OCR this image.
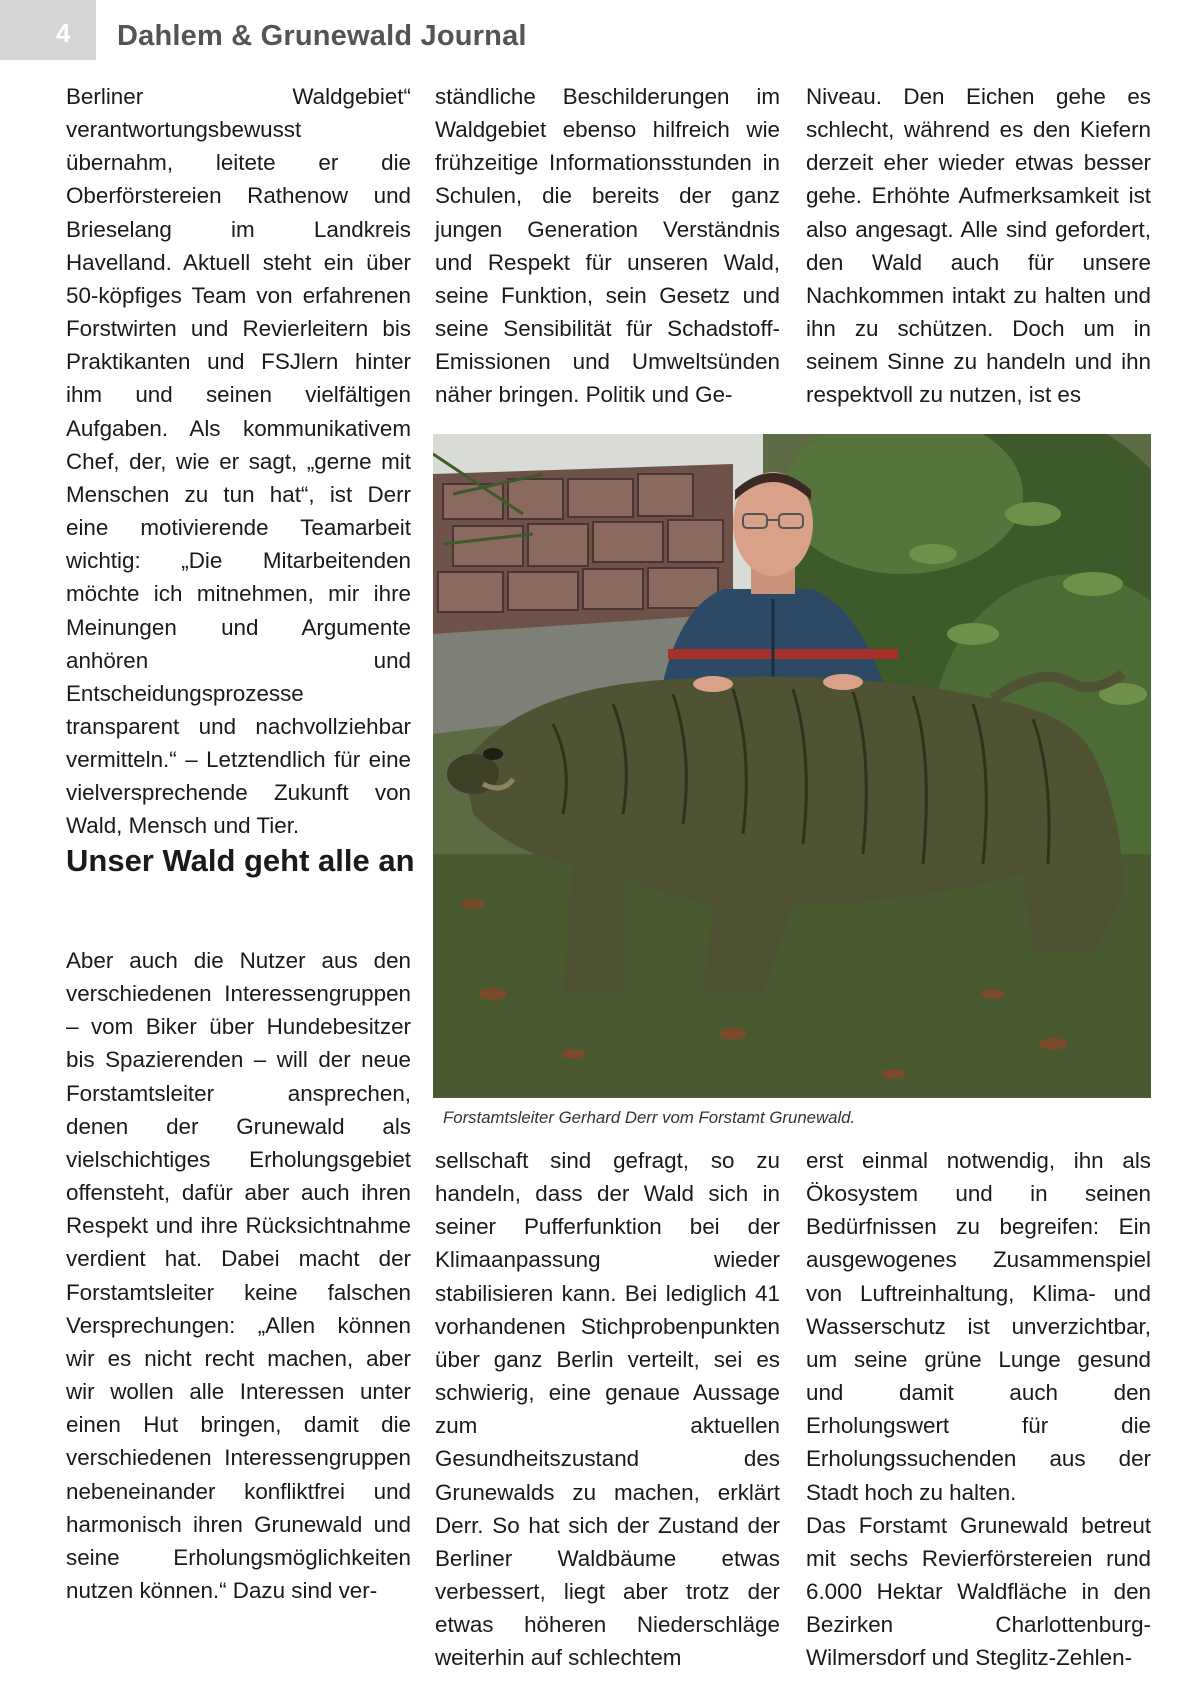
4 Dahlem & Grunewald Journal

Berliner Waldgebiet“ verantwortungsbewusst übernahm, leitete er die Oberförstereien Rathenow und Brieselang im Landkreis Havelland. Aktuell steht ein über 50-köpfiges Team von erfahrenen Forstwirten und Revierleitern bis Praktikanten und FSJlern hinter ihm und seinen vielfältigen Aufgaben. Als kommunikativem Chef, der, wie er sagt, „gerne mit Menschen zu tun hat“, ist Derr eine motivierende Teamarbeit wichtig: „Die Mitarbeitenden möchte ich mitnehmen, mir ihre Meinungen und Argumente anhören und Entscheidungsprozesse transparent und nachvollziehbar vermitteln.“ – Letztendlich für eine vielversprechende Zukunft von Wald, Mensch und Tier.

Unser Wald geht alle an

Aber auch die Nutzer aus den verschiedenen Interessengruppen – vom Biker über Hundebesitzer bis Spazierenden – will der neue Forstamtsleiter ansprechen, denen der Grunewald als vielschichtiges Erholungsgebiet offensteht, dafür aber auch ihren Respekt und ihre Rücksichtnahme verdient hat. Dabei macht der Forstamtsleiter keine falschen Versprechungen: „Allen können wir es nicht recht machen, aber wir wollen alle Interessen unter einen Hut bringen, damit die verschiedenen Interessengruppen nebeneinander konfliktfrei und harmonisch ihren Grunewald und seine Erholungsmöglichkeiten nutzen können.“ Dazu sind ver-

ständliche Beschilderungen im Waldgebiet ebenso hilfreich wie frühzeitige Informationsstunden in Schulen, die bereits der ganz jungen Generation Verständnis und Respekt für unseren Wald, seine Funktion, sein Gesetz und seine Sensibilität für Schadstoff-Emissionen und Umweltsünden näher bringen. Politik und Ge-

Niveau. Den Eichen gehe es schlecht, während es den Kiefern derzeit eher wieder etwas besser gehe. Erhöhte Aufmerksamkeit ist also angesagt. Alle sind gefordert, den Wald auch für unsere Nachkommen intakt zu halten und ihn zu schützen. Doch um in seinem Sinne zu handeln und ihn respektvoll zu nutzen, ist es

Forstamtsleiter Gerhard Derr vom Forstamt Grunewald.

sellschaft sind gefragt, so zu handeln, dass der Wald sich in seiner Pufferfunktion bei der Klimaanpassung wieder stabilisieren kann. Bei lediglich 41 vorhandenen Stichprobenpunkten über ganz Berlin verteilt, sei es schwierig, eine genaue Aussage zum aktuellen Gesundheitszustand des Grunewalds zu machen, erklärt Derr. So hat sich der Zustand der Berliner Waldbäume etwas verbessert, liegt aber trotz der etwas höheren Niederschläge weiterhin auf schlechtem

erst einmal notwendig, ihn als Ökosystem und in seinen Bedürfnissen zu begreifen: Ein ausgewogenes Zusammenspiel von Luftreinhaltung, Klima- und Wasserschutz ist unverzichtbar, um seine grüne Lunge gesund und damit auch den Erholungswert für die Erholungssuchenden aus der Stadt hoch zu halten.

Das Forstamt Grunewald betreut mit sechs Revierförstereien rund 6.000 Hektar Waldfläche in den Bezirken Charlottenburg-Wilmersdorf und Steglitz-Zehlen-
